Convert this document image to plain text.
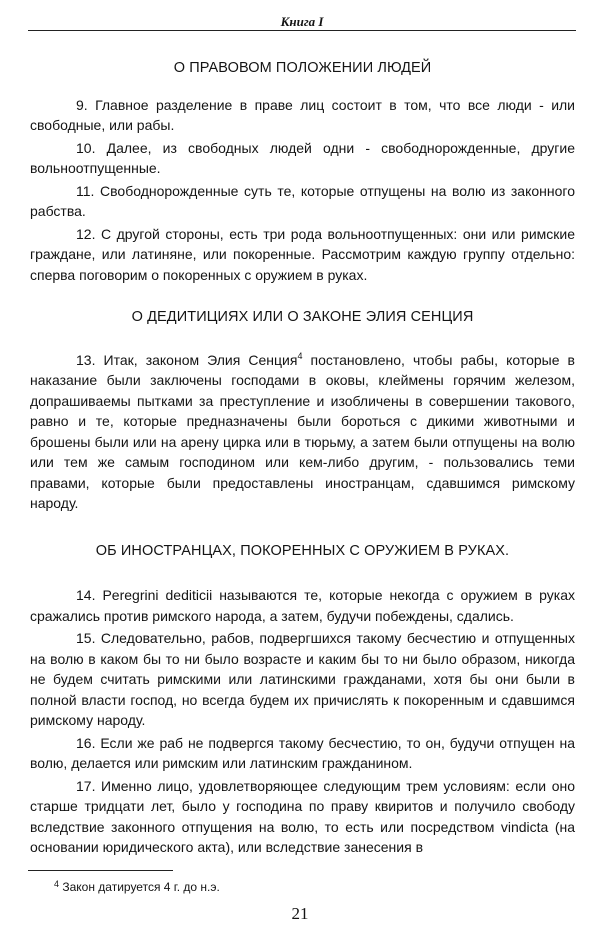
Книга I
О ПРАВОВОМ ПОЛОЖЕНИИ ЛЮДЕЙ

9. Главное разделение в праве лиц состоит в том, что все люди - или свободные, или рабы.

10. Далее, из свободных людей одни - свободнорожденные, другие вольноотпущенные.

11. Свободнорожденные суть те, которые отпущены на волю из законного рабства.

12. С другой стороны, есть три рода вольноотпущенных: они или римские граждане, или латиняне, или покоренные. Рассмотрим каждую группу отдельно: сперва поговорим о покоренных с оружием в руках.

О ДЕДИТИЦИЯХ ИЛИ О ЗАКОНЕ ЭЛИЯ СЕНЦИЯ

13. Итак, законом Элия Сенция$^4$ постановлено, чтобы рабы, которые в наказание были заключены господами в оковы, клеймены горячим железом, допрашиваемы пытками за преступление и изобличены в совершении такового, равно и те, которые предназначены были бороться с дикими животными и брошены были или на арену цирка или в тюрьму, а затем были отпущены на волю или тем же самым господином или кем-либо другим, - пользовались теми правами, которые были предоставлены иностранцам, сдавшимся римскому народу.

ОБ ИНОСТРАНЦАХ, ПОКОРЕННЫХ С ОРУЖИЕМ В РУКАХ.

14. Peregrini dediticii называются те, которые некогда с оружием в руках сражались против римского народа, а затем, будучи побеждены, сдались.

15. Следовательно, рабов, подвергшихся такому бесчестию и отпущенных на волю в каком бы то ни было возрасте и каким бы то ни было образом, никогда не будем считать римскими или латинскими гражданами, хотя бы они были в полной власти господ, но всегда будем их причислять к покоренным и сдавшимся римскому народу.

16. Если же раб не подвергся такому бесчестию, то он, будучи отпущен на волю, делается или римским или латинским гражданином.

17. Именно лицо, удовлетворяющее следующим трем условиям: если оно старше тридцати лет, было у господина по праву квиритов и получило свободу вследствие законного отпущения на волю, то есть или посредством vindicta (на основании юридического акта), или вследствие занесения в

$^4$ Закон датируется 4 г. до н.э.
21
